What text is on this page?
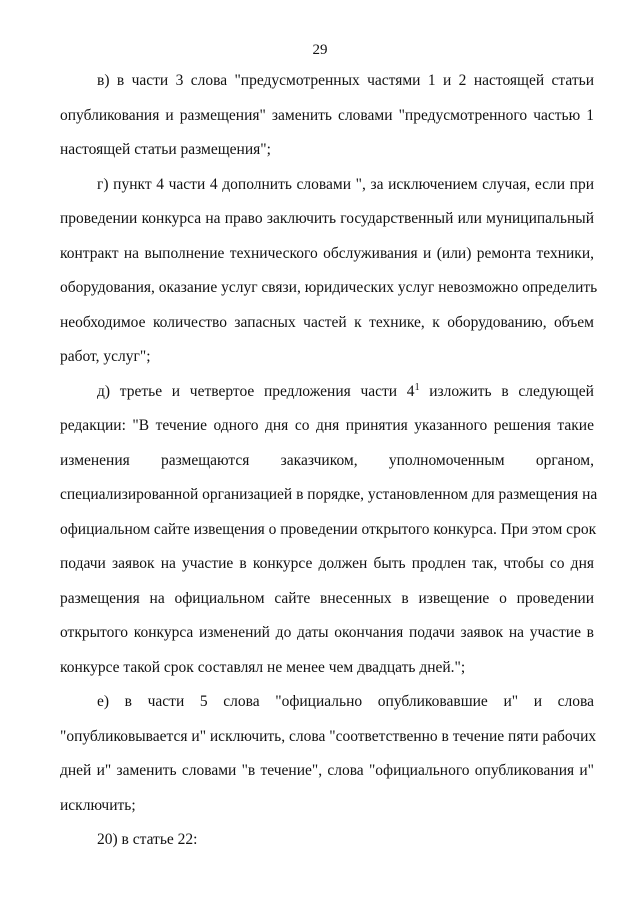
29

в) в части 3 слова "предусмотренных частями 1 и 2 настоящей статьи
опубликования и размещения" заменить словами "предусмотренного частью 1
настоящей статьи размещения";

г) пункт 4 части 4 дополнить словами ", за исключением случая, если при
проведении конкурса на право заключить государственный или муниципальный
контракт на выполнение технического обслуживания и (или) ремонта техники,
оборудования, оказание услуг связи, юридических услуг невозможно определить
необходимое количество запасных частей к технике, к оборудованию, объем
работ, услуг";

д) третье и четвертое предложения части $4^1$ изложить в следующей
редакции: "В течение одного дня со дня принятия указанного решения такие
изменения размещаются заказчиком, уполномоченным органом,
специализированной организацией в порядке, установленном для размещения на
официальном сайте извещения о проведении открытого конкурса. При этом срок
подачи заявок на участие в конкурсе должен быть продлен так, чтобы со дня
размещения на официальном сайте внесенных в извещение о проведении
открытого конкурса изменений до даты окончания подачи заявок на участие в
конкурсе такой срок составлял не менее чем двадцать дней.";

е) в части 5 слова "официально опубликовавшие и" и слова
"опубликовывается и" исключить, слова "соответственно в течение пяти рабочих
дней и" заменить словами "в течение", слова "официального опубликования и"
исключить;

20) в статье 22:
